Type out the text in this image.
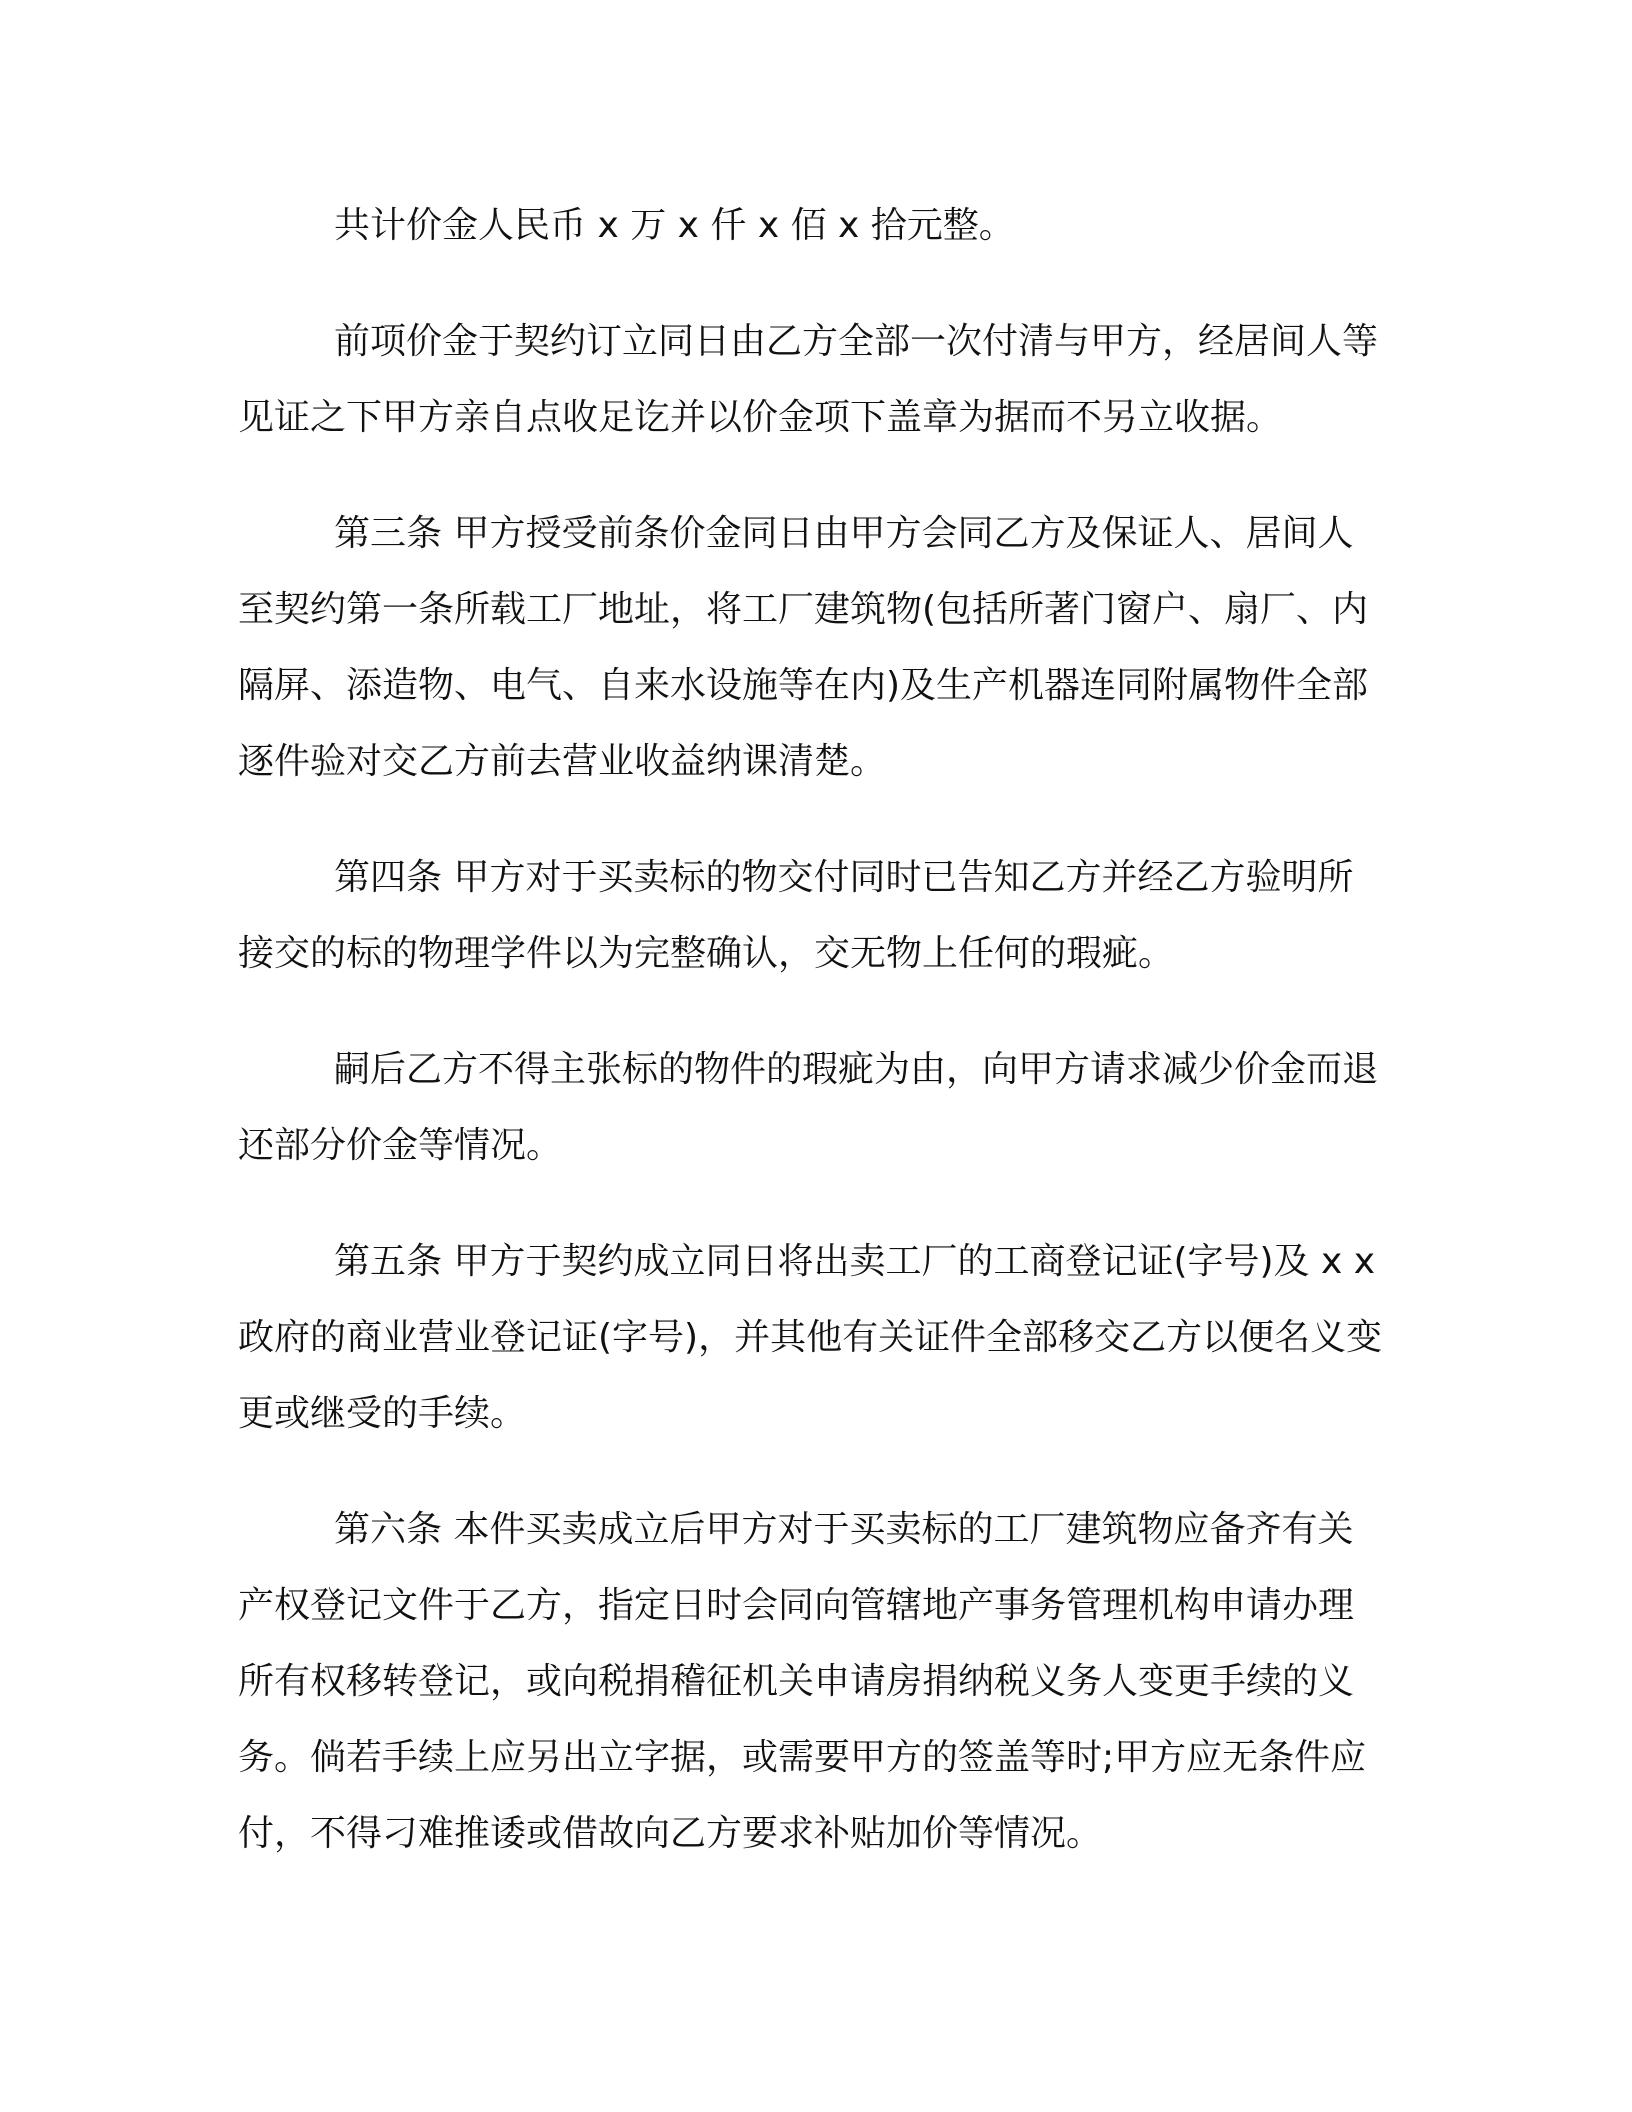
共计价金人民币 x 万 x 仟 x 佰 x 拾元整。

前项价金于契约订立同日由乙方全部一次付清与甲方，经居间人等见证之下甲方亲自点收足讫并以价金项下盖章为据而不另立收据。

第三条 甲方授受前条价金同日由甲方会同乙方及保证人、居间人至契约第一条所载工厂地址，将工厂建筑物(包括所著门窗户、扇厂、内隔屏、添造物、电气、自来水设施等在内)及生产机器连同附属物件全部逐件验对交乙方前去营业收益纳课清楚。

第四条 甲方对于买卖标的物交付同时已告知乙方并经乙方验明所接交的标的物理学件以为完整确认，交无物上任何的瑕疵。

嗣后乙方不得主张标的物件的瑕疵为由，向甲方请求减少价金而退还部分价金等情况。

第五条 甲方于契约成立同日将出卖工厂的工商登记证(字号)及 x x 政府的商业营业登记证(字号)，并其他有关证件全部移交乙方以便名义变更或继受的手续。

第六条 本件买卖成立后甲方对于买卖标的工厂建筑物应备齐有关产权登记文件于乙方，指定日时会同向管辖地产事务管理机构申请办理所有权移转登记，或向税捐稽征机关申请房捐纳税义务人变更手续的义务。倘若手续上应另出立字据，或需要甲方的签盖等时;甲方应无条件应付，不得刁难推诿或借故向乙方要求补贴加价等情况。
